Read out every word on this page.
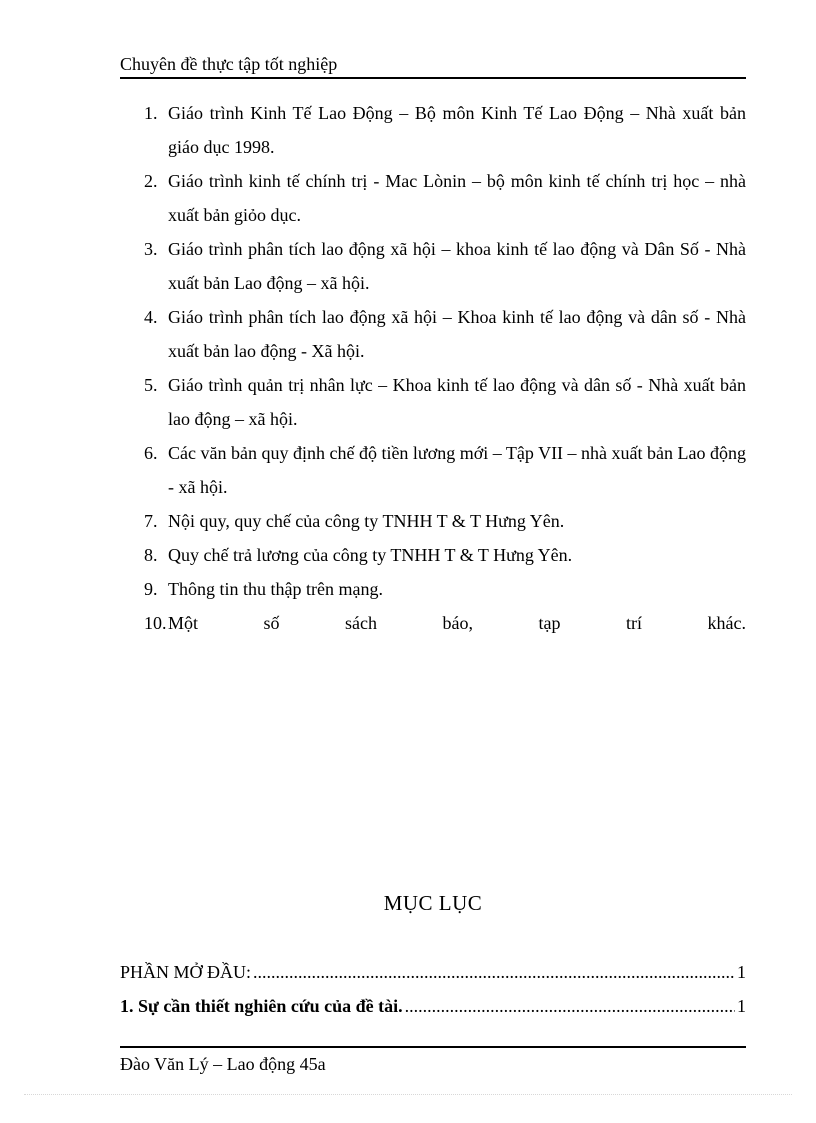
Chuyên đề thực tập tốt nghiệp
1. Giáo trình Kinh Tế Lao Động – Bộ môn Kinh Tế Lao Động – Nhà xuất bản giáo dục 1998.
2. Giáo trình kinh tế chính trị - Mac Lònin – bộ môn kinh tế chính trị học – nhà xuất bản giỏo dục.
3. Giáo trình phân tích lao động xã hội – khoa kinh tế lao động và Dân Số - Nhà xuất bản Lao động – xã hội.
4. Giáo trình phân tích lao động xã hội – Khoa kinh tế lao động và dân số - Nhà xuất bản lao động - Xã hội.
5. Giáo trình quản trị nhân lực – Khoa kinh tế lao động và dân số - Nhà xuất bản lao động – xã hội.
6. Các văn bản quy định chế độ tiền lương mới – Tập VII – nhà xuất bản Lao động - xã hội.
7. Nội quy, quy chế của công ty TNHH T & T Hưng Yên.
8. Quy chế trả lương của công ty TNHH T & T Hưng Yên.
9. Thông tin thu thập trên mạng.
10. Một số sách báo, tạp trí khác.
MỤC LỤC
PHẦN MỞ ĐẦU: .....	1
1. Sự cần thiết nghiên cứu của đề tài. .....	1
Đào Văn Lý – Lao động 45a
